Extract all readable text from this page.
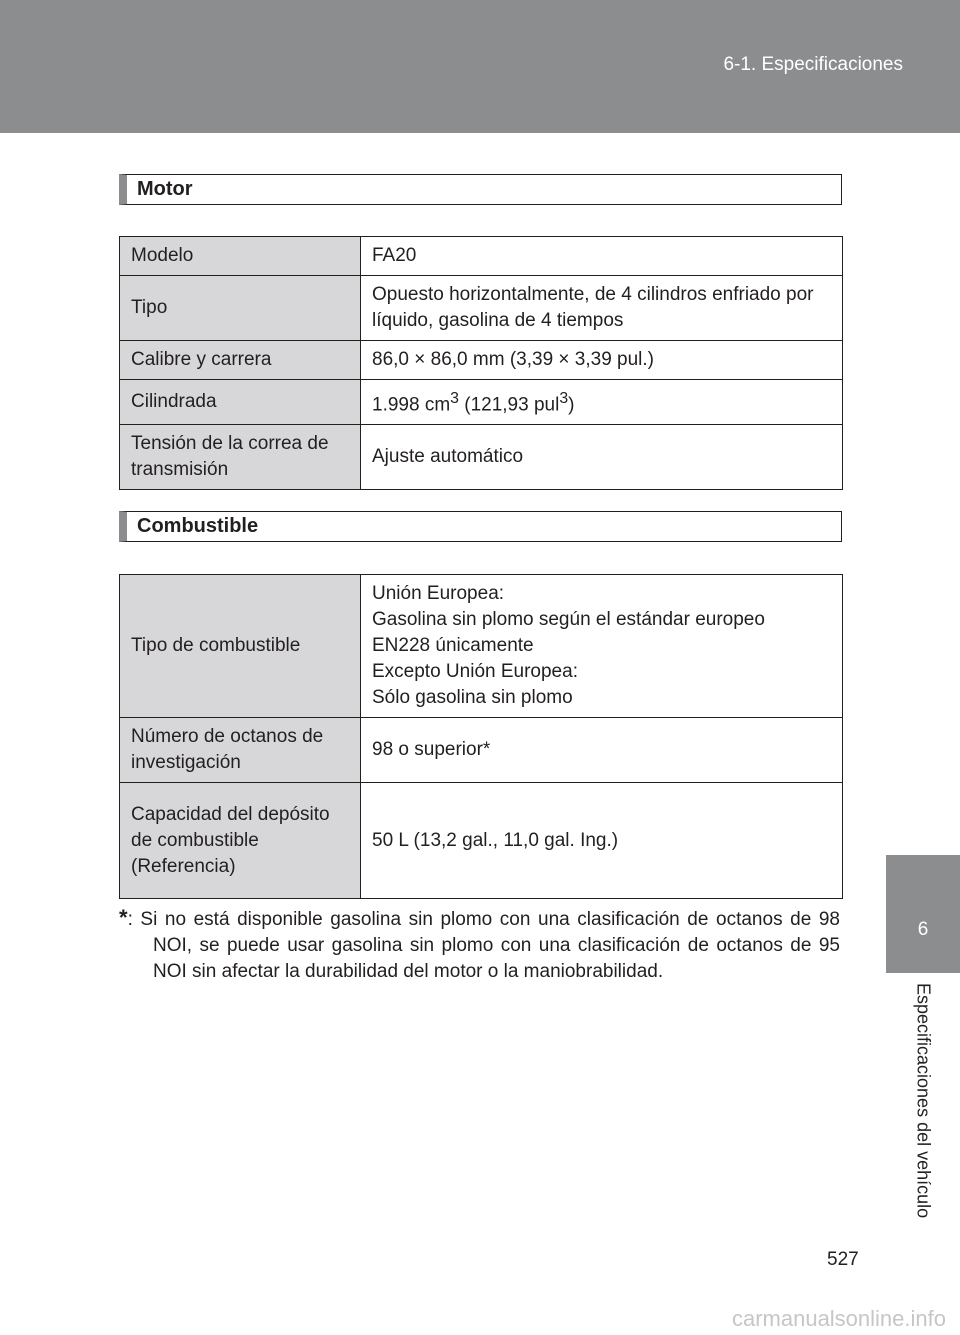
6-1. Especificaciones
6
Especificaciones del vehículo
Motor
Modelo	FA20
Tipo	Opuesto horizontalmente, de 4 cilindros enfriado por líquido, gasolina de 4 tiempos
Calibre y carrera	86,0 × 86,0 mm (3,39 × 3,39 pul.)
Cilindrada	1.998 $cm^3$ (121,93 pul$^3$)
Tensión de la correa de transmisión	Ajuste automático
Combustible
Tipo de combustible	Unión Europea:
Gasolina sin plomo según el estándar europeo
EN228 únicamente
Excepto Unión Europea:
Sólo gasolina sin plomo

Número de octanos de investigación	98 o superior*
Capacidad del depósito de combustible (Referencia)	50 L (13,2 gal., 11,0 gal. Ing.)
*: Si no está disponible gasolina sin plomo con una clasificación de octanos de 98 NOI, se puede usar gasolina sin plomo con una clasificación de octanos de 95 NOI sin afectar la durabilidad del motor o la maniobrabilidad.
527
carmanualsonline.info
